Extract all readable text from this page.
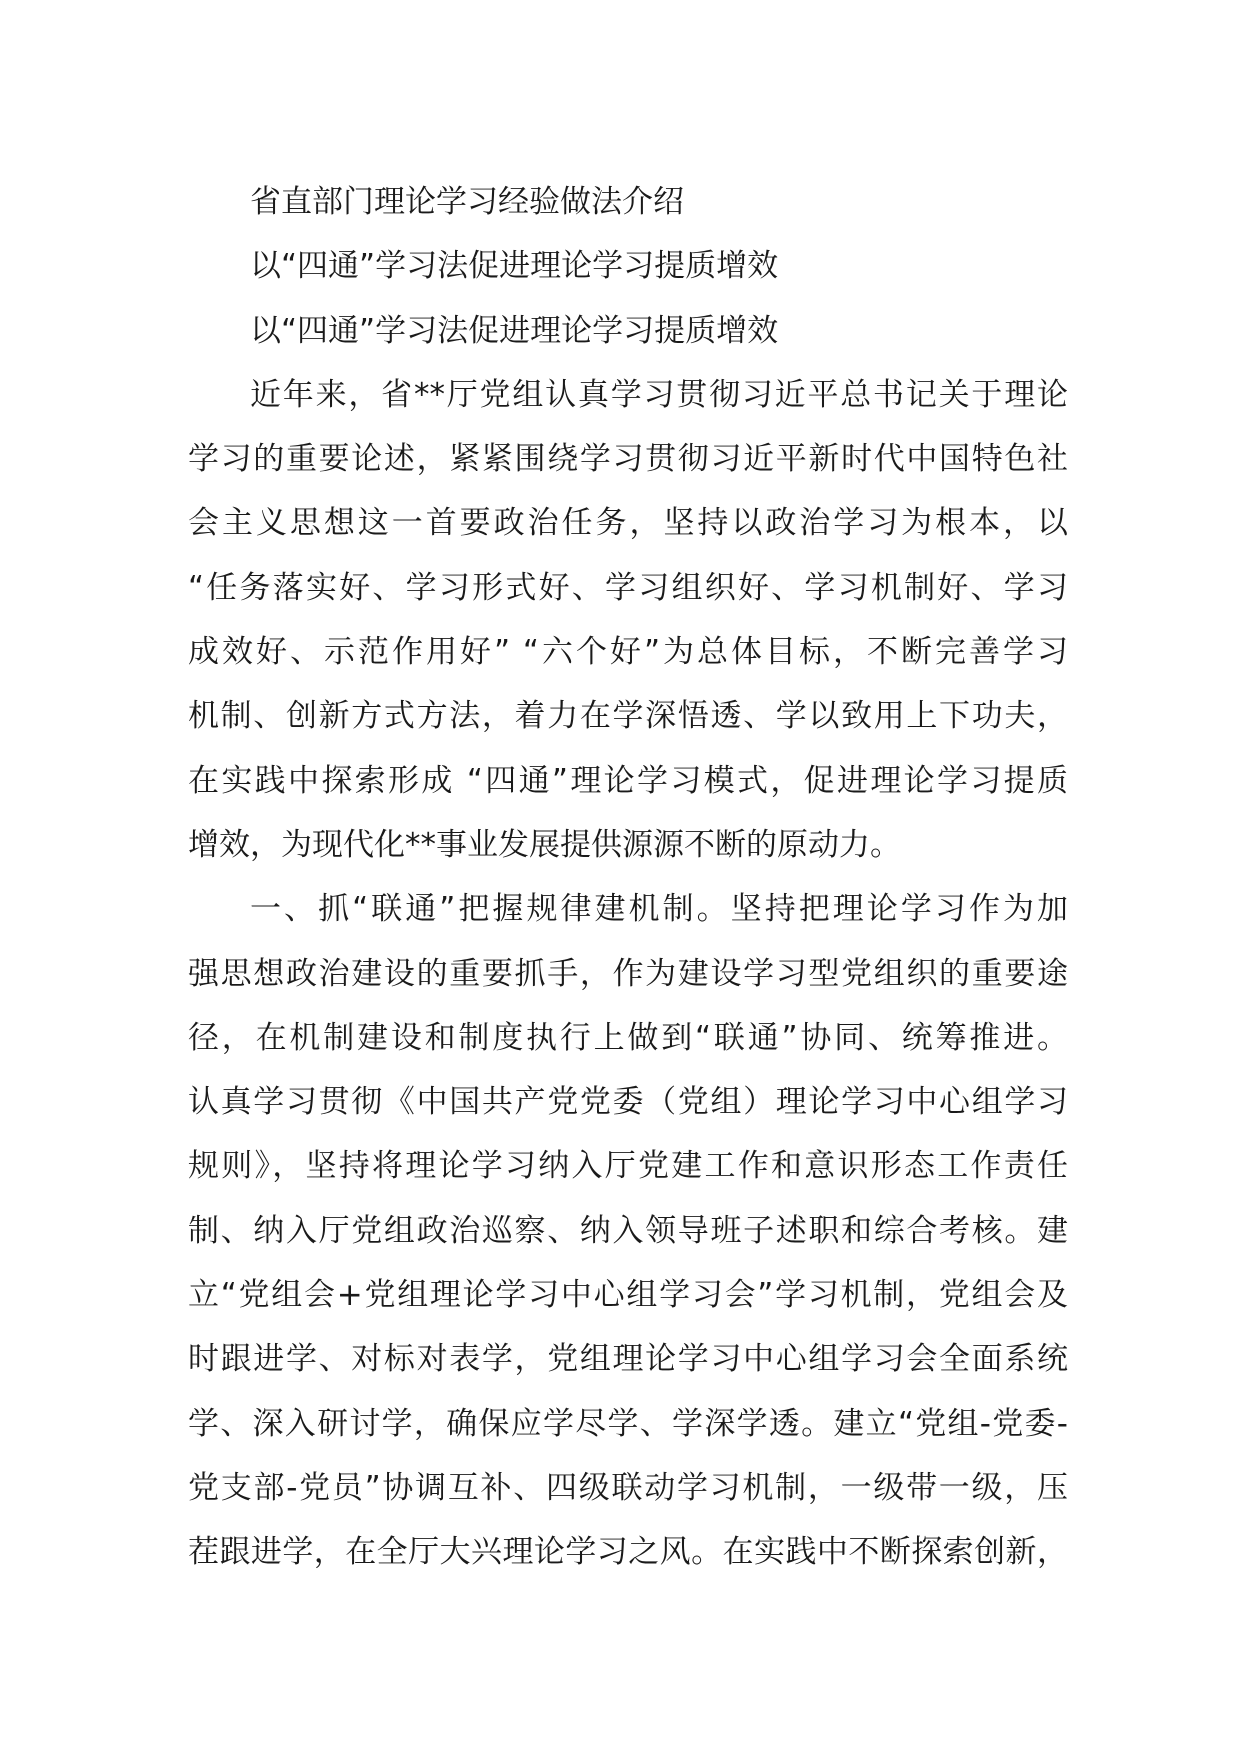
省直部门理论学习经验做法介绍
以“四通”学习法促进理论学习提质增效
以“四通”学习法促进理论学习提质增效
近年来，省**厅党组认真学习贯彻习近平总书记关于理论
学习的重要论述，紧紧围绕学习贯彻习近平新时代中国特色社
会主义思想这一首要政治任务，坚持以政治学习为根本，以
“任务落实好、学习形式好、学习组织好、学习机制好、学习
成效好、示范作用好” “六个好”为总体目标，不断完善学习
机制、创新方式方法，着力在学深悟透、学以致用上下功夫，
在实践中探索形成 “四通”理论学习模式，促进理论学习提质
增效，为现代化**事业发展提供源源不断的原动力。
一、抓“联通”把握规律建机制。坚持把理论学习作为加
强思想政治建设的重要抓手，作为建设学习型党组织的重要途
径，在机制建设和制度执行上做到“联通”协同、统筹推进。
认真学习贯彻《中国共产党党委（党组）理论学习中心组学习
规则》，坚持将理论学习纳入厅党建工作和意识形态工作责任
制、纳入厅党组政治巡察、纳入领导班子述职和综合考核。建
立“党组会+党组理论学习中心组学习会”学习机制，党组会及
时跟进学、对标对表学，党组理论学习中心组学习会全面系统
学、深入研讨学，确保应学尽学、学深学透。建立“党组-党委-
党支部-党员”协调互补、四级联动学习机制，一级带一级，压
茬跟进学，在全厅大兴理论学习之风。在实践中不断探索创新，
